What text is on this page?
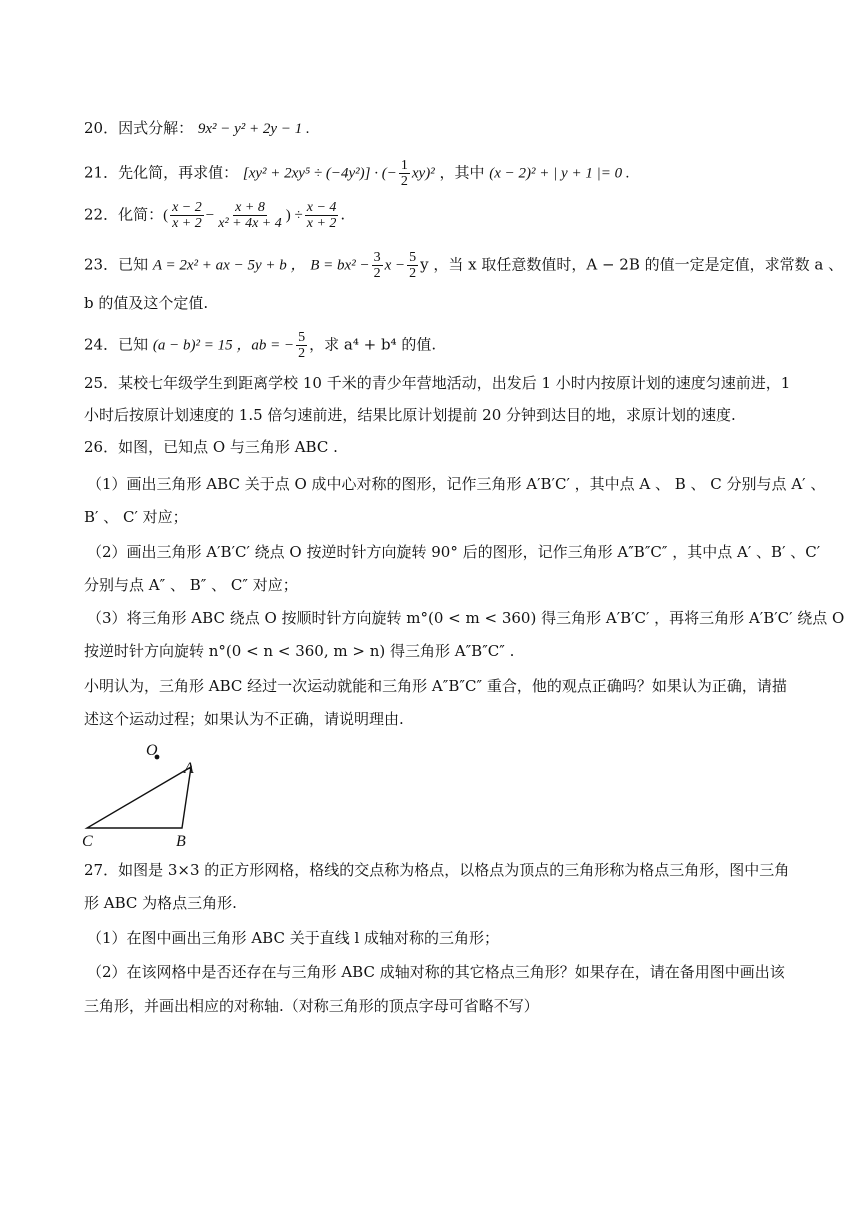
20．因式分解： 9x² − y² + 2y − 1 .
21．先化简，再求值： [xy² + 2xy⁵ ÷ (−4y²)] · (− $\frac{1}{2} xy)^2$ ，其中 (x − 2)² + | y + 1 |= 0 .
22．化简：( $\frac{x - 2}{x + 2} - \frac{x + 8}{\text{x² + 4x + 4}}$ ) ÷ $\frac{x - 4}{x + 2}$ .
23．已知 A = 2x² + ax − 5y + b ， $B = bx^2 - \frac{3}{2}$ $x - \frac{5}{2}$ y ，当 x 取任意数值时，A − 2B 的值一定是定值，求常数 a 、
b 的值及这个定值.
24．已知 (a − b)² = 15 ，ab = − $\frac{5}{2}$ ，求 a⁴ + b⁴ 的值.
25．某校七年级学生到距离学校 10 千米的青少年营地活动，出发后 1 小时内按原计划的速度匀速前进，1
小时后按原计划速度的 1.5 倍匀速前进，结果比原计划提前 20 分钟到达目的地，求原计划的速度.
26．如图，已知点 O 与三角形 ABC .
（1）画出三角形 ABC 关于点 O 成中心对称的图形，记作三角形 A′B′C′ ，其中点 A 、 B 、 C 分别与点 A′ 、
B′ 、 C′ 对应；
（2）画出三角形 A′B′C′ 绕点 O 按逆时针方向旋转 90° 后的图形，记作三角形 A″B″C″ ，其中点 A′ 、B′ 、C′
分别与点 A″ 、 B″ 、 C″ 对应；
（3）将三角形 ABC 绕点 O 按顺时针方向旋转 m°(0 < m < 360) 得三角形 A′B′C′ ，再将三角形 A′B′C′ 绕点 O
按逆时针方向旋转 n°(0 < n < 360, m > n) 得三角形 A″B″C″ .
小明认为，三角形 ABC 经过一次运动就能和三角形 A″B″C″ 重合，他的观点正确吗？如果认为正确，请描
述这个运动过程；如果认为不正确，请说明理由.
O
A
B
C
27．如图是 3×3 的正方形网格，格线的交点称为格点，以格点为顶点的三角形称为格点三角形，图中三角
形 ABC 为格点三角形.
（1）在图中画出三角形 ABC 关于直线 l 成轴对称的三角形；
（2）在该网格中是否还存在与三角形 ABC 成轴对称的其它格点三角形？如果存在，请在备用图中画出该
三角形，并画出相应的对称轴.（对称三角形的顶点字母可省略不写）
